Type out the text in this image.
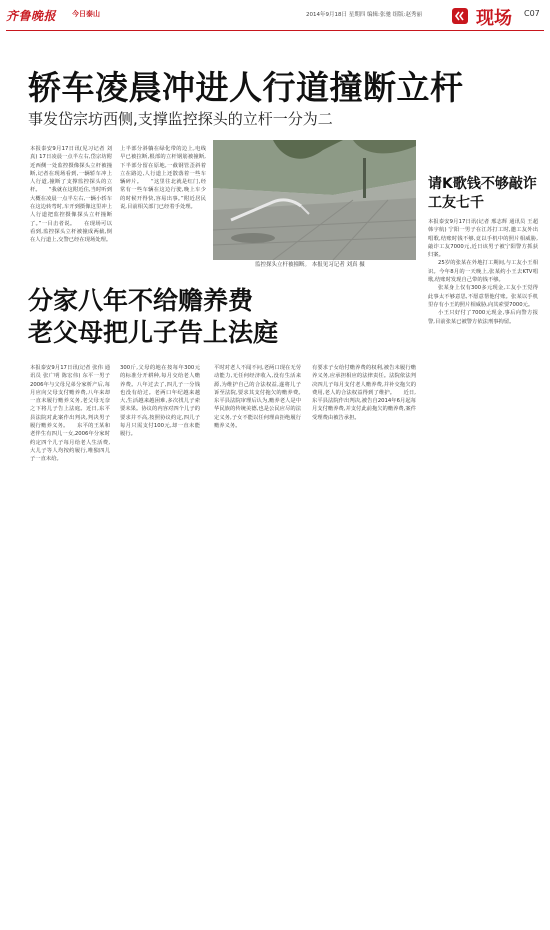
齐鲁晚报 今日泰山	2014年9月18日 星期四 编辑:张驰 组版:赵秀丽	现场 C07
轿车凌晨冲进人行道撞断立杆
事发岱宗坊西侧,支撑监控探头的立杆一分为二
本报泰安9月17日讯(见习记者 刘真) 17日凌晨一点半左右,岱宗坊附近西侧一处监控摄像探头立杆被撞断,记者在现场看到,一辆轿车冲上人行道,撞断了支撑监控探头的立杆。　　“我就在这附近住,当时听到大概在凌晨一点半左右,一辆小轿车在这边转弯时,车开到摄像这里冲上人行道把监控摄像探头立杆撞断了。”一目击者说。　　在现场可以看到,监控探头立杆被撞成两截,倒在人行道上,交警已经在现场处理。
上半部分斜躺在绿化带的边上,电线早已被拉断,根部的立杆钢筋被撞断,下半部分留在原地,一截钢管歪斜着立在路边,人行道上还散落着一些车辆碎片。　　“这里往北就是红门,经常有一些车辆在这边行驶,晚上车少的时候开得快,容易出事。”附近居民说,目前相关部门已经着手处理。
监控探头立杆被撞断。 本报见习记者 刘真 摄
请K歌钱不够敲诈工友七千

本报泰安9月17日讯(记者 邢志辉 通讯员 王超 韩宇航) 宁阳一男子在江苏打工时,邀工友外出唱歌,结账时钱不够,竟以手机中的照片相威胁,敲诈工友7000元,近日该男子被宁阳警方抓获归案。

25岁的张某在外地打工期间,与工友小王相识。今年8月的一天晚上,张某约小王去KTV唱歌,结账时发现自己带的钱不够。

张某身上仅有300多元现金,工友小王觉得此事太不够意思,不愿意帮他付账。张某以手机里存有小王的照片相威胁,向其索要7000元。

小王只好付了7000元现金,事后向警方报警,目前张某已被警方依法刑事拘留。

分家八年不给赡养费
老父母把儿子告上法庭
本报泰安9月17日讯(记者 张伟 通讯员 张广明 陈宏伟) 东平一男子2006年与父母兄弟分家析产后,每月应向父母支付赡养费,八年来却一直未履行赡养义务,老父母无奈之下将儿子告上法庭。近日,东平县法院对此案作出判决,判决男子履行赡养义务。　　东平的王某和老伴生有四儿一女,2006年分家时约定四个儿子每月给老人生活费,大儿子等人均按约履行,唯独四儿子一直未给。
300斤,父母的地在按每年300元的标准分开耕种,每月交给老人赡养费。八年过去了,四儿子一分钱也没有给过。老两口年纪越来越大,生活越来越困难,多次找儿子索要未果。协议的内容对四个儿子的要求并不高,按照协议约定,四儿子每月只需支付100元,却一直未能履行。
平时对老人不闻不问,老两口现在无劳动能力,无任何经济收入,没有生活来源,为维护自己的合法权益,遂将儿子诉至法院,要求其支付拖欠的赡养费。　　东平县法院审理后认为,赡养老人是中华民族的传统美德,也是公民应尽的法定义务,子女不能以任何理由拒绝履行赡养义务。
有要求子女给付赡养费的权利,被告未履行赡养义务,应承担相应的法律责任。法院依法判决四儿子每月支付老人赡养费,并补交拖欠的费用,老人的合法权益得到了维护。　　近日,东平县法院作出判决,被告自2014年6月起每月支付赡养费,并支付此前拖欠的赡养费,案件受理费由被告承担。
